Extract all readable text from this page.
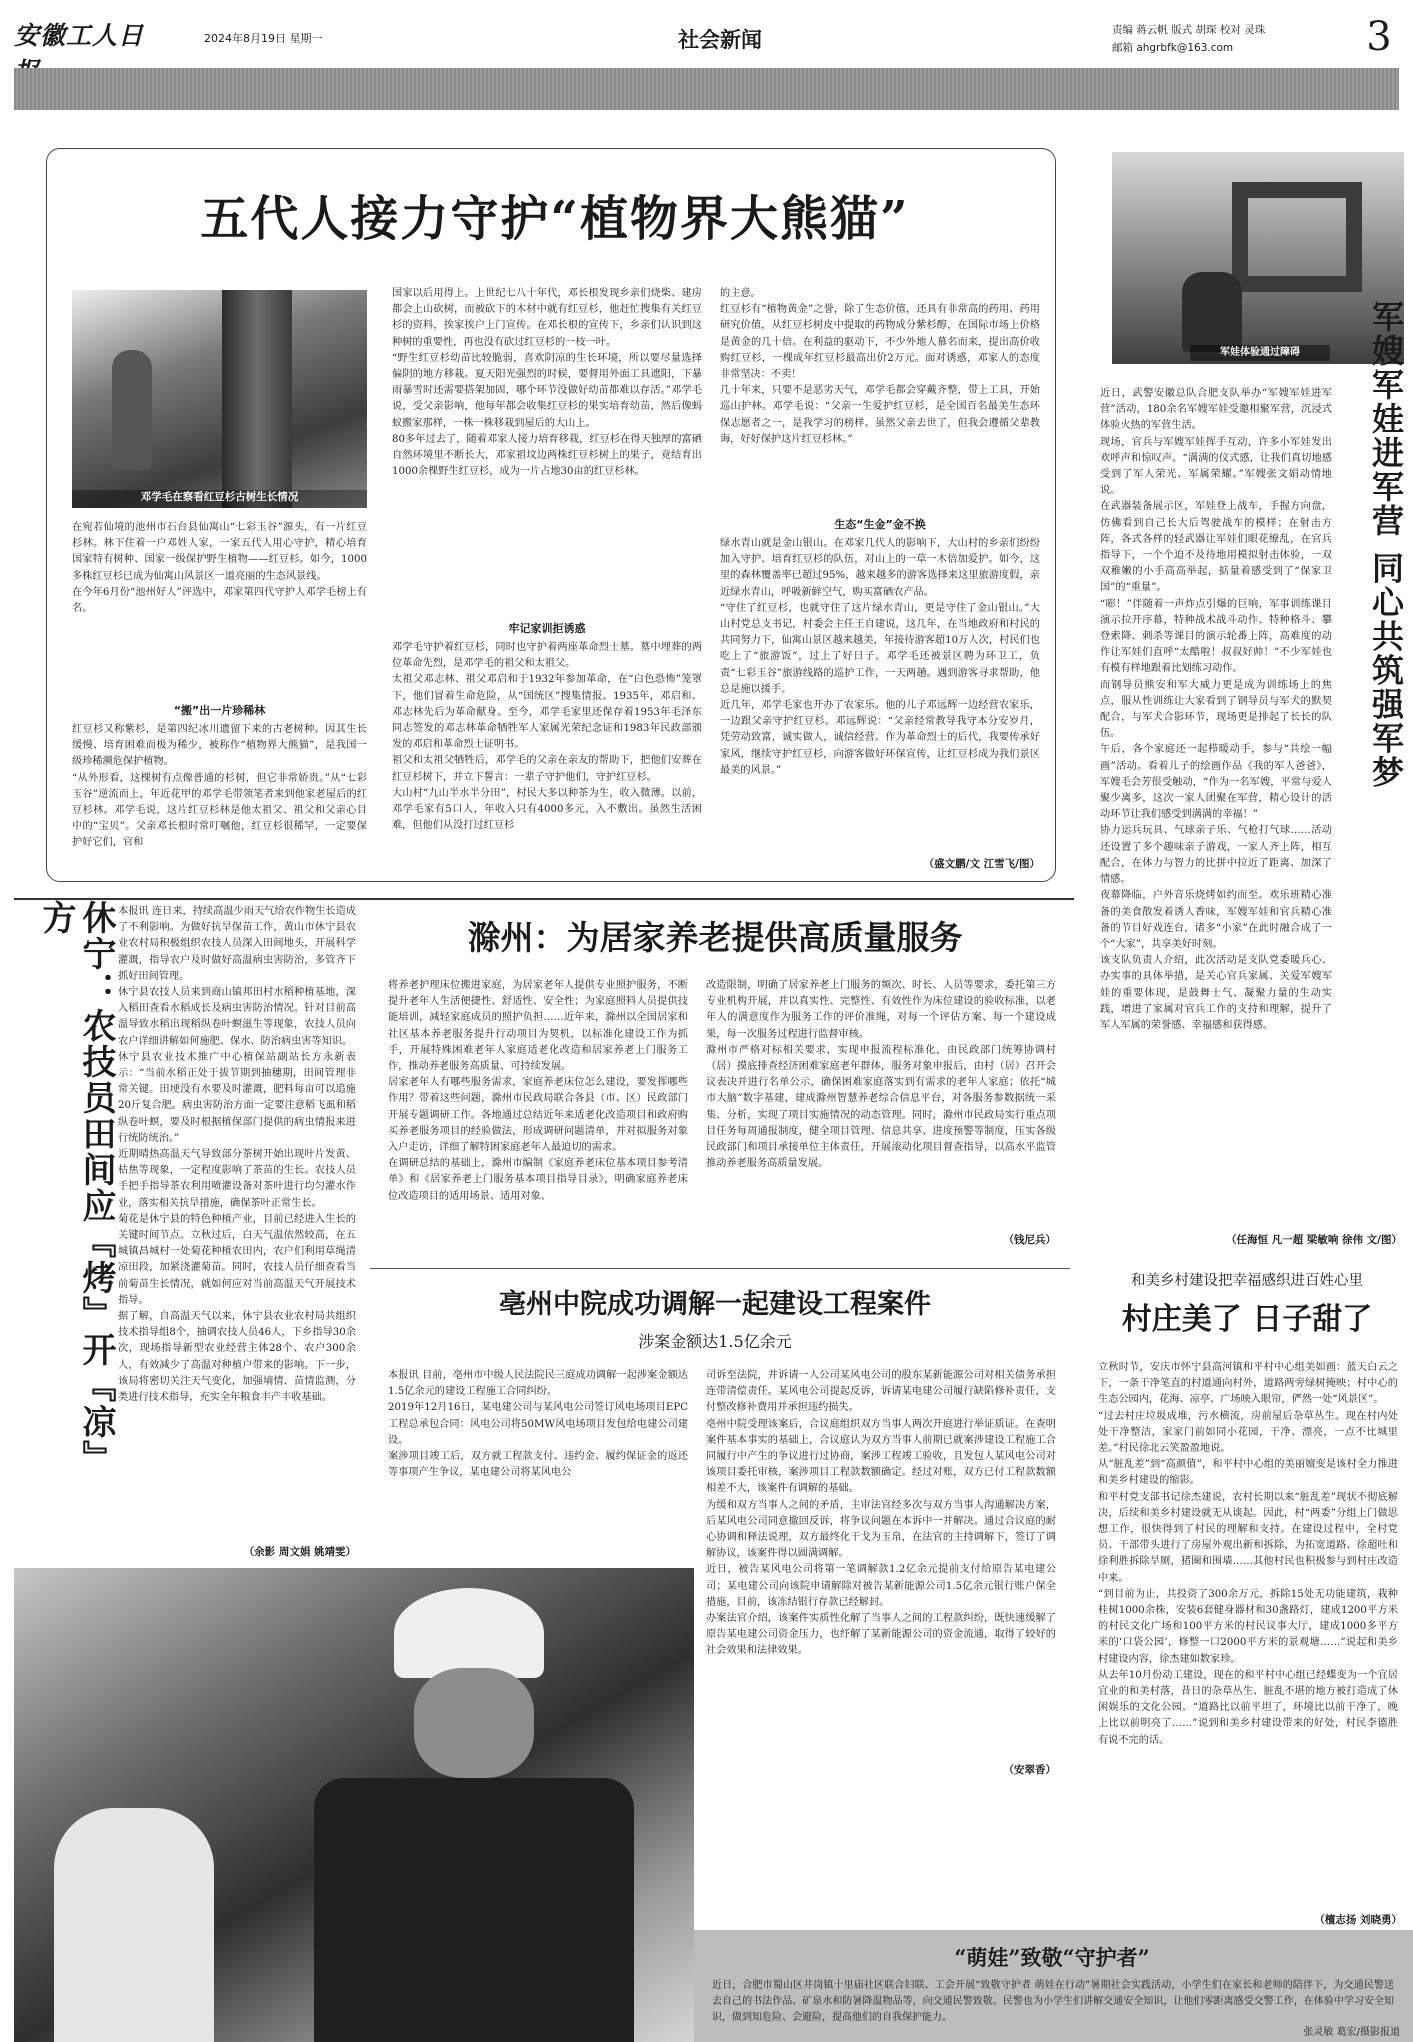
安徽工人日	2024年8月19日 星期一	社会新闻	责编 蒋云帆 版式 胡琛 校对 灵珠
邮箱 ahgrbfk@163.com	3
五代人接力守护“植物界大熊猫”
邓学毛在察看红豆杉古树生长情况
在宛若仙境的池州市石台县仙寓山“七彩玉谷”源头，有一片红豆杉林。林下住着一户邓姓人家，一家五代人用心守护，精心培育国家特有树种、国家一级保护野生植物——红豆杉。如今，1000多株红豆杉已成为仙寓山风景区一道亮丽的生态风景线。
在今年6月份“池州好人”评选中，邓家第四代守护人邓学毛榜上有名。
“搬”出一片珍稀林
红豆杉又称紫杉，是第四纪冰川遗留下来的古老树种。因其生长缓慢、培育困难而极为稀少，被称作“植物界大熊猫”，是我国一级珍稀濒危保护植物。
“从外形看，这棵树有点像普通的杉树，但它非常娇贵。”从“七彩玉谷”逆流而上，年近花甲的邓学毛带领笔者来到他家老屋后的红豆杉林。邓学毛说，这片红豆杉林是他太祖父、祖父和父亲心目中的“宝贝”。父亲邓长根时常叮嘱他，红豆杉很稀罕，一定要保护好它们，官和
国家以后用得上。上世纪七八十年代，邓长根发现乡亲们烧柴、建房都会上山砍树，而被砍下的木材中就有红豆杉，他赶忙搜集有关红豆杉的资料，挨家挨户上门宣传。在邓长根的宣传下，乡亲们认识到这种树的重要性，再也没有砍过红豆杉的一枝一叶。
“野生红豆杉幼苗比较脆弱，喜欢阴凉的生长环境，所以要尽量选择偏阴的地方移栽。夏天阳光强烈的时候，要督用外面工具遮阳，下暴雨暴雪时还需要搭架加固，哪个环节没做好幼苗都难以存活。”邓学毛说，受父亲影响，他每年都会收集红豆杉的果实培育幼苗，然后像蚂蚁搬家那样，一株一株移栽到屋后的大山上。
80多年过去了，随着邓家人接力培育移栽，红豆杉在得天独厚的富硒自然环境里不断长大，邓家祖坟边两株红豆杉树上的果子，竟结育出1000余棵野生红豆杉，成为一片占地30亩的红豆杉林。
牢记家训拒诱惑
邓学毛守护着红豆杉，同时也守护着两座革命烈士墓。墓中埋葬的两位革命先烈，是邓学毛的祖父和太祖父。
太祖父邓志林、祖父邓启和于1932年参加革命，在“白色恐怖”笼罩下，他们冒着生命危险，从“国统区”搜集情报。1935年，邓启和、邓志林先后为革命献身。至今，邓学毛家里还保存着1953年毛泽东同志签发的邓志林革命牺牲军人家属光荣纪念证和1983年民政部颁发的邓启和革命烈士证明书。
祖父和太祖父牺牲后，邓学毛的父亲在亲友的帮助下，把他们安葬在红豆杉树下，并立下誓言：一辈子守护他们，守护红豆杉。
大山村“九山半水半分田”，村民大多以种茶为生，收入微薄。以前，邓学毛家有5口人，年收入只有4000多元，入不敷出。虽然生活困难，但他们从没打过红豆杉
的主意。
红豆杉有“植物黄金”之誉，除了生态价值，还具有非常高的药用、药用研究价值，从红豆杉树皮中提取的药物成分紫杉醇，在国际市场上价格是黄金的几十倍。在利益的驱动下，不少外地人慕名而来，提出高价收购红豆杉，一棵成年红豆杉最高出价2万元。面对诱惑，邓家人的态度非常坚决：不卖！
几十年来，只要不是恶劣天气，邓学毛都会穿戴齐整，带上工具，开始巡山护林。邓学毛说：“父亲一生爱护红豆杉，是全国百名最美生态环保志愿者之一，是我学习的榜样。虽然父亲去世了，但我会遵循父辈教诲，好好保护这片红豆杉林。”
生态“生金”金不换
绿水青山就是金山银山。在邓家几代人的影响下，大山村的乡亲们纷纷加入守护、培育红豆杉的队伍，对山上的一草一木倍加爱护。如今，这里的森林覆盖率已超过95%，越来越多的游客选择来这里旅游度假，亲近绿水青山，呼吸新鲜空气，购买富硒农产品。
“守住了红豆杉，也就守住了这片绿水青山，更是守住了金山银山。”大山村党总支书记，村委会主任王自建说，这几年，在当地政府和村民的共同努力下，仙寓山景区越来越美，年接待游客超10万人次，村民们也吃上了“旅游饭”，过上了好日子。邓学毛还被景区聘为环卫工，负责“七彩玉谷”旅游线路的巡护工作，一天两趟。遇到游客寻求帮助，他总是施以援手。
近几年，邓学毛家也开办了农家乐。他的儿子邓远辉一边经营农家乐，一边跟父亲守护红豆杉。邓远辉说：“父亲经常教导我守本分安岁月，凭劳动致富，诚实做人，诚信经营。作为革命烈士的后代，我要传承好家风，继续守护红豆杉，向游客做好环保宣传，让红豆杉成为我们景区最美的风景。”
（盛文鹏/文 江雪飞/图）
军娃体验通过障碍	军嫂军娃进军营 同心共筑强军梦
近日，武警安徽总队合肥支队举办“军嫂军娃进军营”活动，180余名军嫂军娃受邀相聚军营，沉浸式体验火热的军营生活。
现场，官兵与军嫂军娃挥手互动，许多小军娃发出欢呼声和惊叹声。“满满的仪式感，让我们真切地感受到了军人荣光、军属荣耀。”军嫂张文娟动情地说。
在武器装备展示区，军娃登上战车，手握方向盘，仿佛看到自己长大后驾驶战车的模样；在射击方阵，各式各样的轻武器让军娃们眼花缭乱，在官兵指导下，一个个迫不及待地用模拟射击体验，一双双稚嫩的小手高高举起，掂量着感受到了“保家卫国”的“重量”。
“嘭！”伴随着一声炸点引爆的巨响，军事训练课目演示拉开序幕，特种战术战斗动作、特种格斗、攀登索降、刺杀等课目的演示轮番上阵，高难度的动作让军娃们直呼“太酷啦！叔叔好帅！”不少军娃也有模有样地跟着比划练习动作。
而钢导员熊安和军大威力更是成为训练场上的焦点，服从性训练让大家看到了钢导员与军犬的默契配合，与军犬合影环节，现场更是排起了长长的队伍。
午后，各个家庭还一起栉暖动手，参与“共绘一幅画”活动。看着儿子的绘画作品《我的军人爸爸》，军嫂毛会芳很受触动，“作为一名军嫂，平常与爱人聚少离多，这次一家人团聚在军营，精心设计的活动环节让我们感受到满满的幸福！”
协力运兵玩具、气球亲子乐、气枪打气球……活动还设置了多个趣味亲子游戏，一家人齐上阵，相互配合，在体力与智力的比拼中拉近了距离、加深了情感。
夜幕降临，户外音乐烧烤如约而至。欢乐班精心准备的美食散发着诱人香味，军嫂军娃和官兵精心准备的节目好戏连台，诸多“小家”在此时融合成了一个“大家”，共享美好时刻。
该支队负责人介绍，此次活动是支队党委暖兵心、办实事的具体举措，是关心官兵家属、关爱军嫂军娃的重要体现，是鼓舞士气、凝聚力量的生动实践，增进了家属对官兵工作的支持和理解，提升了军人军属的荣誉感、幸福感和获得感。
（任海恒 凡一超 梁敏响 徐伟 文/图）
休宁：农技员田间应『烤』开『凉』方	本报讯 连日来，持续高温少雨天气给农作物生长造成了不利影响。为做好抗旱保苗工作，黄山市休宁县农业农村局积极组织农技人员深入田间地头，开展科学灌溉，指导农户及时做好高温病虫害防治，多管齐下抓好田间管理。
休宁县农技人员来到商山镇邦田村水稻种植基地，深入稻田查看水稻成长及病虫害防治情况。针对目前高温导致水稻出现稻纵卷叶螟滋生等现象，农技人员向农户详细讲解如何施肥、保水、防治病虫害等知识。
休宁县农业技术推广中心植保站副站长方永新表示：“当前水稻正处于拔节期到抽穗期，田间管理非常关键。田埂没有水要及时灌溉，肥料每亩可以追施20斤复合肥。病虫害防治方面一定要注意稻飞虱和稻纵卷叶螟，要及时根据植保部门提供的病虫情报来进行统防统治。”
近期晴热高温天气导致部分茶树开始出现叶片发黄、枯焦等现象，一定程度影响了茶苗的生长。农技人员手把手指导茶农利用喷灌设备对茶叶进行均匀灌水作业，落实相关抗旱措施，确保茶叶正常生长。
菊花是休宁县的特色种植产业，目前已经进入生长的关键时间节点。立秋过后，白天气温依然较高，在五城镇昌城村一处菊花种植农田内，农户们利用草绳清凉田段，加紧浇灌菊苗。同时，农技人员仔细查看当前菊苗生长情况，就如何应对当前高温天气开展技术指导。
据了解，自高温天气以来，休宁县农业农村局共组织技术指导组8个，抽调农技人员46人，下乡指导30余次，现场指导新型农业经营主体28个、农户300余人，有效减少了高温对种植户带来的影响。下一步，该局将密切关注天气变化，加强墒情、苗情监测，分类进行技术指导，充实全年粮食丰产丰收基础。
（余影 周文娟 姚靖雯）
滁州：为居家养老提供高质量服务
将养老护理床位搬进家庭，为居家老年人提供专业照护服务，不断提升老年人生活便捷性、舒适性、安全性；为家庭照料人员提供技能培训，减轻家庭成员的照护负担……近年来，滁州以全国居家和社区基本养老服务提升行动项目为契机，以标准化建设工作为抓手，开展特殊困难老年人家庭适老化改造和居家养老上门服务工作，推动养老服务高质量、可持续发展。
居家老年人有哪些服务需求，家庭养老床位怎么建设，要发挥哪些作用？带着这些问题，滁州市民政局联合各县（市、区）民政部门开展专题调研工作。各地通过总结近年来适老化改造项目和政府购买养老服务项目的经验做法，形成调研问题清单，并对拟服务对象入户走访，详细了解特困家庭老年人最迫切的需求。
在调研总结的基础上，滁州市编制《家庭养老床位基本项目参考清单》和《居家养老上门服务基本项目指导目录》，明确家庭养老床位改造项目的适用场景、适用对象、
改造限制，明确了居家养老上门服务的频次、时长、人员等要求，委托第三方专业机构开展，并以真实性、完整性、有效性作为床位建设的验收标准，以老年人的满意度作为服务工作的评价准绳，对每一个评估方案、每一个建设成果，每一次服务过程进行监督审核。
滁州市严格对标相关要求，实现申报流程标准化，由民政部门统筹协调村（居）摸底排查经济困难家庭老年群体，服务对象申报后，由村（居）召开会议表决并进行名单公示，确保困难家庭落实到有需求的老年人家庭；依托“城市大脑”数字基建，建成滁州智慧养老综合信息平台，对各服务参数据统一采集、分析，实现了项目实施情况的动态管理。同时，滁州市民政局实行重点项目任务每周通报制度，健全项目管理、信息共享、进度预警等制度，压实各级民政部门和项目承接单位主体责任，开展滚动化项目督查指导，以高水平监管推动养老服务高质量发展。
（钱尼兵）
亳州中院成功调解一起建设工程案件
涉案金额达1.5亿余元
本报讯 目前，亳州市中级人民法院民三庭成功调解一起涉案金额达1.5亿余元的建设工程施工合同纠纷。
2019年12月16日，某电建公司与某风电公司签订风电场项目EPC工程总承包合同：风电公司将50MW风电场项目发包给电建公司建设。
案涉项目竣工后，双方就工程款支付、违约金、履约保证金的返还等事项产生争议，某电建公司将某风电公
司诉至法院，并诉请一人公司某风电公司的股东某新能源公司对相关债务承担连带清偿责任。某风电公司提起反诉，诉请某电建公司履行缺陷修补责任，支付整改修补费用并承担违约损失。
亳州中院受理该案后，合议庭组织双方当事人两次开庭进行举证质证。在查明案件基本事实的基础上，合议庭认为双方当事人前期已就案涉建设工程施工合同履行中产生的争议进行过协商，案涉工程竣工验收，且发包人某风电公司对该项目委托审核，案涉项目工程款数额确定。经过对账，双方已付工程款数额相差不大，该案件有调解的基础。
为缓和双方当事人之间的矛盾，主审法官经多次与双方当事人沟通解决方案，后某风电公司同意撤回反诉，将争议问题在本诉中一并解决。通过合议庭的耐心协调和释法说理，双方最终化干戈为玉帛，在法官的主持调解下，签订了调解协议，该案件得以圆满调解。
近日，被告某风电公司将第一笔调解款1.2亿余元提前支付给原告某电建公司；某电建公司向该院申请解除对被告某新能源公司1.5亿余元银行账户保全措施，目前，该冻结银行存款已经解封。
办案法官介绍，该案件实质性化解了当事人之间的工程款纠纷，既快速缓解了原告某电建公司资金压力，也纾解了某新能源公司的资金流通，取得了较好的社会效果和法律效果。
（安翠香）
和美乡村建设把幸福感织进百姓心里
村庄美了 日子甜了
立秋时节，安庆市怀宁县高河镇和平村中心组美如画：蓝天白云之下，一条干净笔直的村道通向村外，道路两旁绿树掩映；村中心的生态公园内，花海、凉亭、广场映入眼帘，俨然一处“风景区”。
“过去村庄垃圾成堆，污水横流，房前屋后杂草丛生。现在村内处处干净整洁，家家门前如同小花园，干净、漂亮，一点不比城里差。”村民徐北云笑盈盈地说。
从“脏乱差”到“高颜值”，和平村中心组的美丽嬗变是该村全力推进和美乡村建设的缩影。
和平村党支部书记徐杰建说，农村长期以来“脏乱差”现状不彻底解决，后续和美乡村建设就无从谈起。因此，村“两委”分组上门做思想工作，很快得到了村民的理解和支持。在建设过程中，全村党员、干部带头进行了房屋外观出新和拆除，为拓宽道路、徐超吐和徐利胜拆除旱厕，猪圈和围墙……其他村民也积极参与到村庄改造中来。
“到目前为止，共投资了300余万元，拆除15处无功能建筑，栽种桂树1000余株，安装6套健身器材和30盏路灯，建成1200平方米的村民文化广场和100平方米的村民议事大厅，建成1000多平方米的‘口袋公园’，修整一口2000平方米的景观塘……”说起和美乡村建设内容，徐杰建如数家珍。
从去年10月份动工建设，现在的和平村中心组已经蝶变为一个宜居宜业的和美村落，昔日的杂草丛生、脏乱不堪的地方被打造成了休闲娱乐的文化公园。“道路比以前平坦了，环境比以前干净了，晚上比以前明亮了……”说到和美乡村建设带来的好处，村民李德胜有说不完的话。
（檀志扬 刘晓勇）
“萌娃”致敬“守护者”
近日，合肥市蜀山区井岗镇十里庙社区联合妇联、工会开展“致敬守护者 萌娃在行动”暑期社会实践活动，小学生们在家长和老师的陪伴下，为交通民警送去自己的书法作品、矿泉水和防暑降温物品等，向交通民警致敬。民警也为小学生们讲解交通安全知识，让他们零距离感受交警工作，在体验中学习安全知识，做到知危险、会避险，提高他们的自我保护能力。
张灵敏 葛宏/摄影报道
